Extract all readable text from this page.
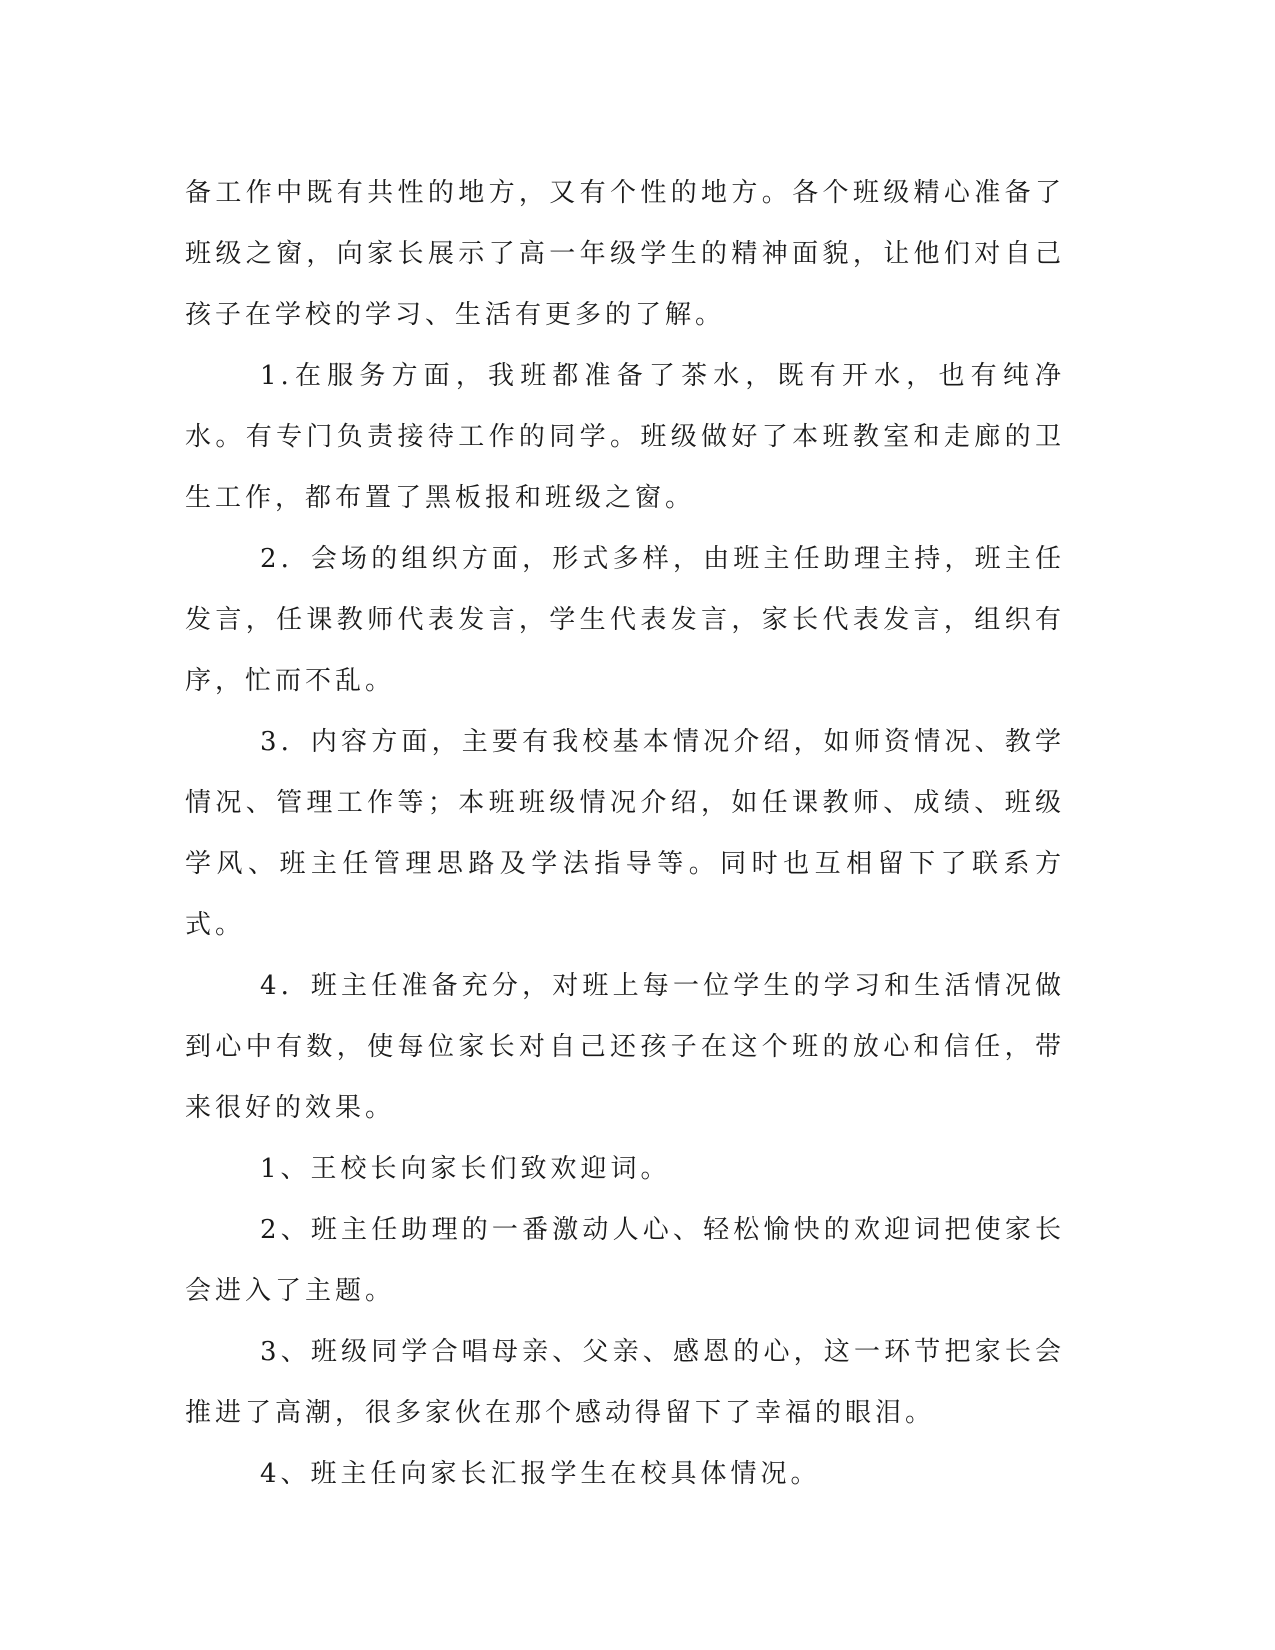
备工作中既有共性的地方，又有个性的地方。各个班级精心准备了班级之窗，向家长展示了高一年级学生的精神面貌，让他们对自己孩子在学校的学习、生活有更多的了解。

1.在服务方面，我班都准备了茶水，既有开水，也有纯净水。有专门负责接待工作的同学。班级做好了本班教室和走廊的卫生工作，都布置了黑板报和班级之窗。

2．会场的组织方面，形式多样，由班主任助理主持，班主任发言，任课教师代表发言，学生代表发言，家长代表发言，组织有序，忙而不乱。

3．内容方面，主要有我校基本情况介绍，如师资情况、教学情况、管理工作等；本班班级情况介绍，如任课教师、成绩、班级学风、班主任管理思路及学法指导等。同时也互相留下了联系方式。

4．班主任准备充分，对班上每一位学生的学习和生活情况做到心中有数，使每位家长对自己还孩子在这个班的放心和信任，带来很好的效果。

1、王校长向家长们致欢迎词。

2、班主任助理的一番激动人心、轻松愉快的欢迎词把使家长会进入了主题。

3、班级同学合唱母亲、父亲、感恩的心，这一环节把家长会推进了高潮，很多家伙在那个感动得留下了幸福的眼泪。

4、班主任向家长汇报学生在校具体情况。
